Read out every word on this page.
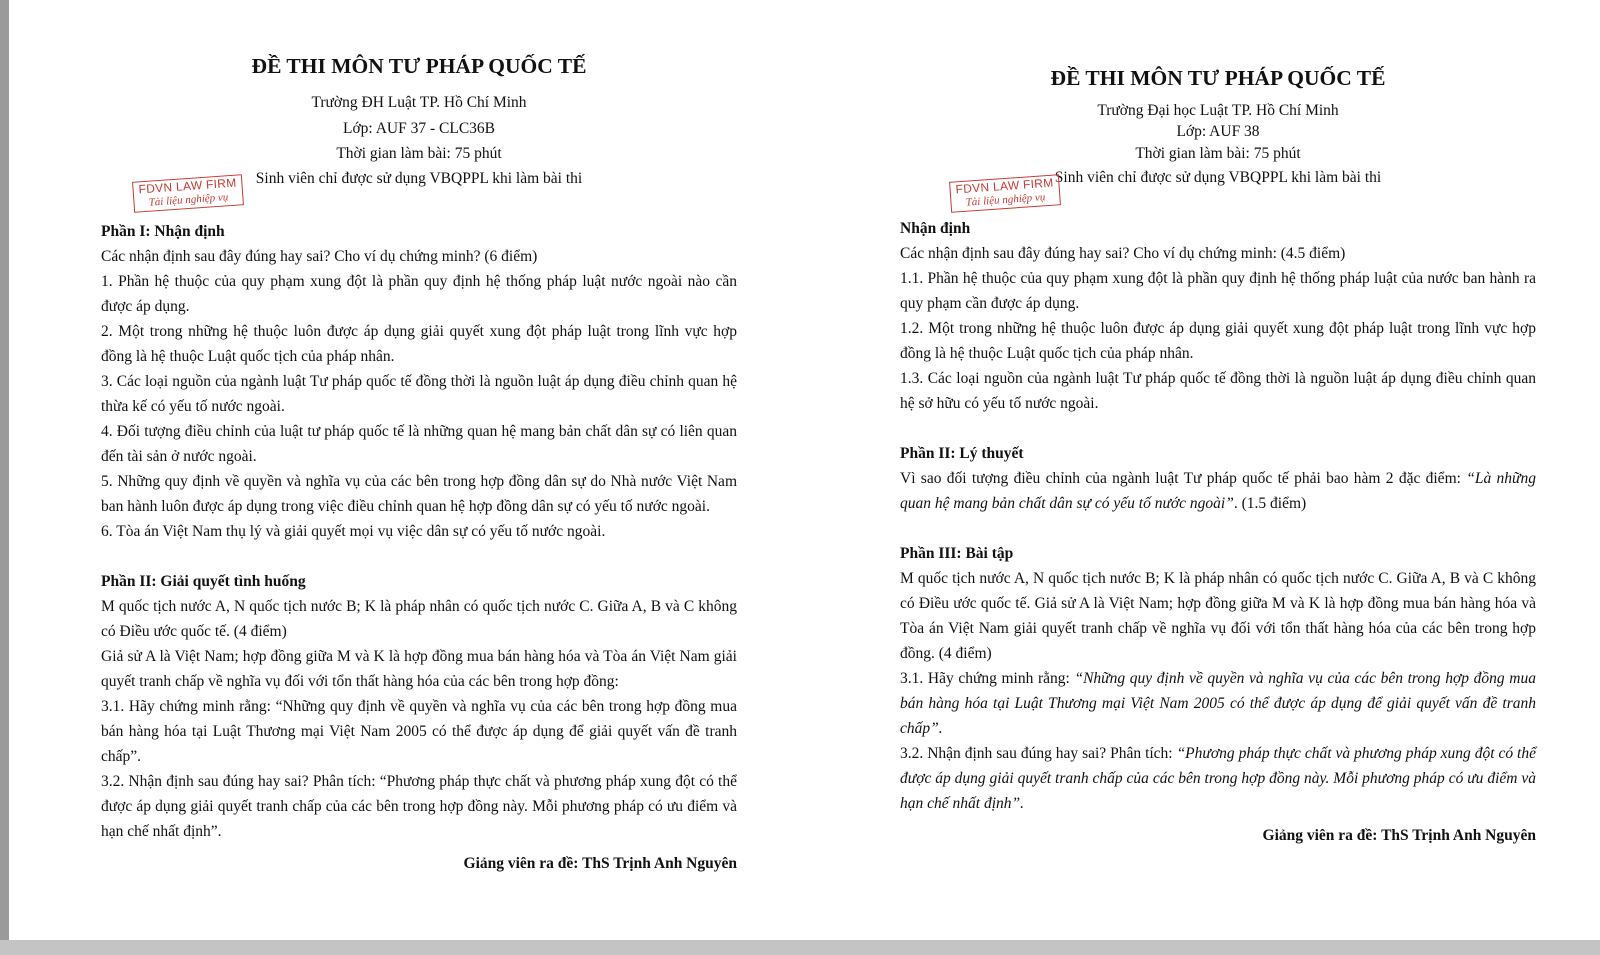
ĐỀ THI MÔN TƯ PHÁP QUỐC TẾ

Trường ĐH Luật TP. Hồ Chí Minh

Lớp: AUF 37 - CLC36B

Thời gian làm bài: 75 phút

Sinh viên chỉ được sử dụng VBQPPL khi làm bài thi

Phần I: Nhận định

Các nhận định sau đây đúng hay sai? Cho ví dụ chứng minh? (6 điểm)

1. Phần hệ thuộc của quy phạm xung đột là phần quy định hệ thống pháp luật nước ngoài nào cần được áp dụng.

2. Một trong những hệ thuộc luôn được áp dụng giải quyết xung đột pháp luật trong lĩnh vực hợp đồng là hệ thuộc Luật quốc tịch của pháp nhân.

3. Các loại nguồn của ngành luật Tư pháp quốc tế đồng thời là nguồn luật áp dụng điều chỉnh quan hệ thừa kế có yếu tố nước ngoài.

4. Đối tượng điều chỉnh của luật tư pháp quốc tế là những quan hệ mang bản chất dân sự có liên quan đến tài sản ở nước ngoài.

5. Những quy định về quyền và nghĩa vụ của các bên trong hợp đồng dân sự do Nhà nước Việt Nam ban hành luôn được áp dụng trong việc điều chỉnh quan hệ hợp đồng dân sự có yếu tố nước ngoài.

6. Tòa án Việt Nam thụ lý và giải quyết mọi vụ việc dân sự có yếu tố nước ngoài.

Phần II: Giải quyết tình huống

M quốc tịch nước A, N quốc tịch nước B; K là pháp nhân có quốc tịch nước C. Giữa A, B và C không có Điều ước quốc tế. (4 điểm)

Giả sử A là Việt Nam; hợp đồng giữa M và K là hợp đồng mua bán hàng hóa và Tòa án Việt Nam giải quyết tranh chấp về nghĩa vụ đối với tổn thất hàng hóa của các bên trong hợp đồng:

3.1. Hãy chứng minh rằng: “Những quy định về quyền và nghĩa vụ của các bên trong hợp đồng mua bán hàng hóa tại Luật Thương mại Việt Nam 2005 có thể được áp dụng để giải quyết vấn đề tranh chấp”.

3.2. Nhận định sau đúng hay sai? Phân tích: “Phương pháp thực chất và phương pháp xung đột có thể được áp dụng giải quyết tranh chấp của các bên trong hợp đồng này. Mỗi phương pháp có ưu điểm và hạn chế nhất định”.

Giảng viên ra đề: ThS Trịnh Anh Nguyên

FDVN LAW FIRM
Tài liệu nghiệp vụ
ĐỀ THI MÔN TƯ PHÁP QUỐC TẾ

Trường Đại học Luật TP. Hồ Chí Minh

Lớp: AUF 38

Thời gian làm bài: 75 phút

Sinh viên chỉ được sử dụng VBQPPL khi làm bài thi

Nhận định

Các nhận định sau đây đúng hay sai? Cho ví dụ chứng minh: (4.5 điểm)

1.1. Phần hệ thuộc của quy phạm xung đột là phần quy định hệ thống pháp luật của nước ban hành ra quy phạm cần được áp dụng.

1.2. Một trong những hệ thuộc luôn được áp dụng giải quyết xung đột pháp luật trong lĩnh vực hợp đồng là hệ thuộc Luật quốc tịch của pháp nhân.

1.3. Các loại nguồn của ngành luật Tư pháp quốc tế đồng thời là nguồn luật áp dụng điều chỉnh quan hệ sở hữu có yếu tố nước ngoài.

Phần II: Lý thuyết

Vì sao đối tượng điều chỉnh của ngành luật Tư pháp quốc tế phải bao hàm 2 đặc điểm: “Là những quan hệ mang bản chất dân sự có yếu tố nước ngoài”. (1.5 điểm)

Phần III: Bài tập

M quốc tịch nước A, N quốc tịch nước B; K là pháp nhân có quốc tịch nước C. Giữa A, B và C không có Điều ước quốc tế. Giả sử A là Việt Nam; hợp đồng giữa M và K là hợp đồng mua bán hàng hóa và Tòa án Việt Nam giải quyết tranh chấp về nghĩa vụ đối với tổn thất hàng hóa của các bên trong hợp đồng. (4 điểm)

3.1. Hãy chứng minh rằng: “Những quy định về quyền và nghĩa vụ của các bên trong hợp đồng mua bán hàng hóa tại Luật Thương mại Việt Nam 2005 có thể được áp dụng để giải quyết vấn đề tranh chấp”.

3.2. Nhận định sau đúng hay sai? Phân tích: “Phương pháp thực chất và phương pháp xung đột có thể được áp dụng giải quyết tranh chấp của các bên trong hợp đồng này. Mỗi phương pháp có ưu điểm và hạn chế nhất định”.

Giảng viên ra đề: ThS Trịnh Anh Nguyên

FDVN LAW FIRM
Tài liệu nghiệp vụ
